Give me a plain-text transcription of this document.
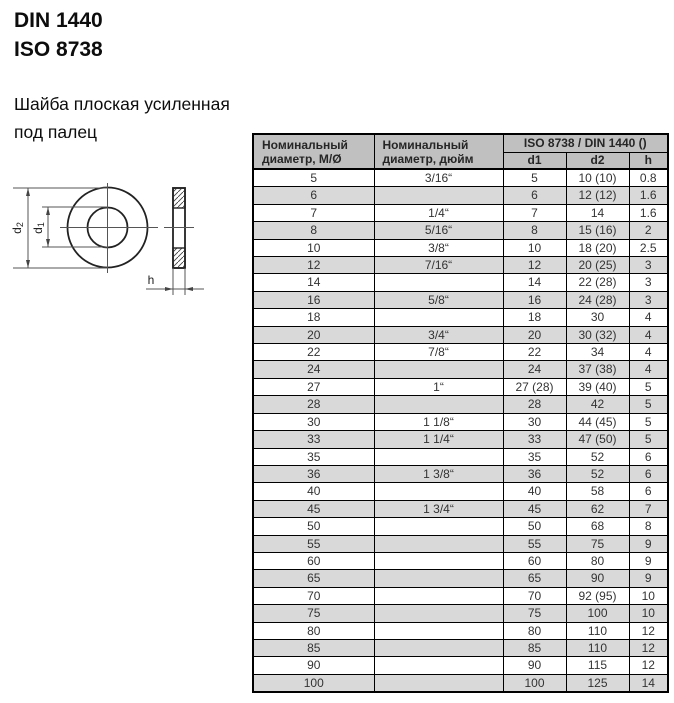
DIN 1440
ISO 8738
Шайба плоская усиленная
под палец
d2
d1
h
Номинальный диаметр, М/Ø	Номинальный диаметр, дюйм	ISO 8738 / DIN 1440 ()		
		d1	d2	h
5	3/16“	5	10 (10)	0.8
6		6	12 (12)	1.6
7	1/4“	7	14	1.6
8	5/16“	8	15 (16)	2
10	3/8“	10	18 (20)	2.5
12	7/16“	12	20 (25)	3
14		14	22 (28)	3
16	5/8“	16	24 (28)	3
18		18	30	4
20	3/4“	20	30 (32)	4
22	7/8“	22	34	4
24		24	37 (38)	4
27	1“	27 (28)	39 (40)	5
28		28	42	5
30	1 1/8“	30	44 (45)	5
33	1 1/4“	33	47 (50)	5
35		35	52	6
36	1 3/8“	36	52	6
40		40	58	6
45	1 3/4“	45	62	7
50		50	68	8
55		55	75	9
60		60	80	9
65		65	90	9
70		70	92 (95)	10
75		75	100	10
80		80	110	12
85		85	110	12
90		90	115	12
100		100	125	14
